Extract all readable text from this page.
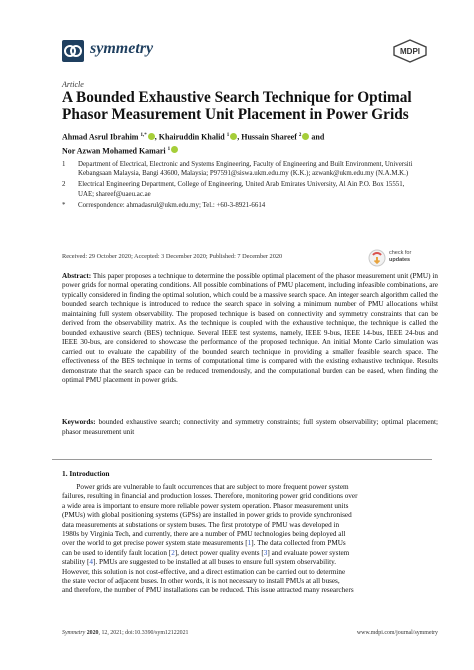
symmetry	MDPI
Article
A Bounded Exhaustive Search Technique for Optimal Phasor Measurement Unit Placement in Power Grids
Ahmad Asrul Ibrahim $^{1,*}$ , Khairuddin Khalid $^1$ , Hussain Shareef $^2$ and
Nor Azwan Mohamed Kamari $^1$
1	Department of Electrical, Electronic and Systems Engineering, Faculty of Engineering and Built Environment, Universiti Kebangsaan Malaysia, Bangi 43600, Malaysia; P97591@siswa.ukm.edu.my (K.K.); azwank@ukm.edu.my (N.A.M.K.)
2	Electrical Engineering Department, College of Engineering, United Arab Emirates University, Al Ain P.O. Box 15551, UAE; shareef@uaeu.ac.ae
*	Correspondence: ahmadasrul@ukm.edu.my; Tel.: +60-3-8921-6614
check for
updates
Received: 29 October 2020; Accepted: 3 December 2020; Published: 7 December 2020
Abstract: This paper proposes a technique to determine the possible optimal placement of the phasor measurement unit (PMU) in power grids for normal operating conditions. All possible combinations of PMU placement, including infeasible combinations, are typically considered in finding the optimal solution, which could be a massive search space. An integer search algorithm called the bounded search technique is introduced to reduce the search space in solving a minimum number of PMU allocations whilst maintaining full system observability. The proposed technique is based on connectivity and symmetry constraints that can be derived from the observability matrix. As the technique is coupled with the exhaustive technique, the technique is called the bounded exhaustive search (BES) technique. Several IEEE test systems, namely, IEEE 9-bus, IEEE 14-bus, IEEE 24-bus and IEEE 30-bus, are considered to showcase the performance of the proposed technique. An initial Monte Carlo simulation was carried out to evaluate the capability of the bounded search technique in providing a smaller feasible search space. The effectiveness of the BES technique in terms of computational time is compared with the existing exhaustive technique. Results demonstrate that the search space can be reduced tremendously, and the computational burden can be eased, when finding the optimal PMU placement in power grids.
Keywords: bounded exhaustive search; connectivity and symmetry constraints; full system observability; optimal placement; phasor measurement unit
1. Introduction
Power grids are vulnerable to fault occurrences that are subject to more frequent power system
failures, resulting in financial and production losses. Therefore, monitoring power grid conditions over
a wide area is important to ensure more reliable power system operation. Phasor measurement units
(PMUs) with global positioning systems (GPSs) are installed in power grids to provide synchronised
data measurements at substations or system buses. The first prototype of PMU was developed in
1980s by Virginia Tech, and currently, there are a number of PMU technologies being deployed all
over the world to get precise power system state measurements [1]. The data collected from PMUs
can be used to identify fault location [2], detect power quality events [3] and evaluate power system
stability [4]. PMUs are suggested to be installed at all buses to ensure full system observability.
However, this solution is not cost-effective, and a direct estimation can be carried out to determine
the state vector of adjacent buses. In other words, it is not necessary to install PMUs at all buses,
and therefore, the number of PMU installations can be reduced. This issue attracted many researchers
Symmetry 2020, 12, 2021; doi:10.3390/sym12122021	www.mdpi.com/journal/symmetry
